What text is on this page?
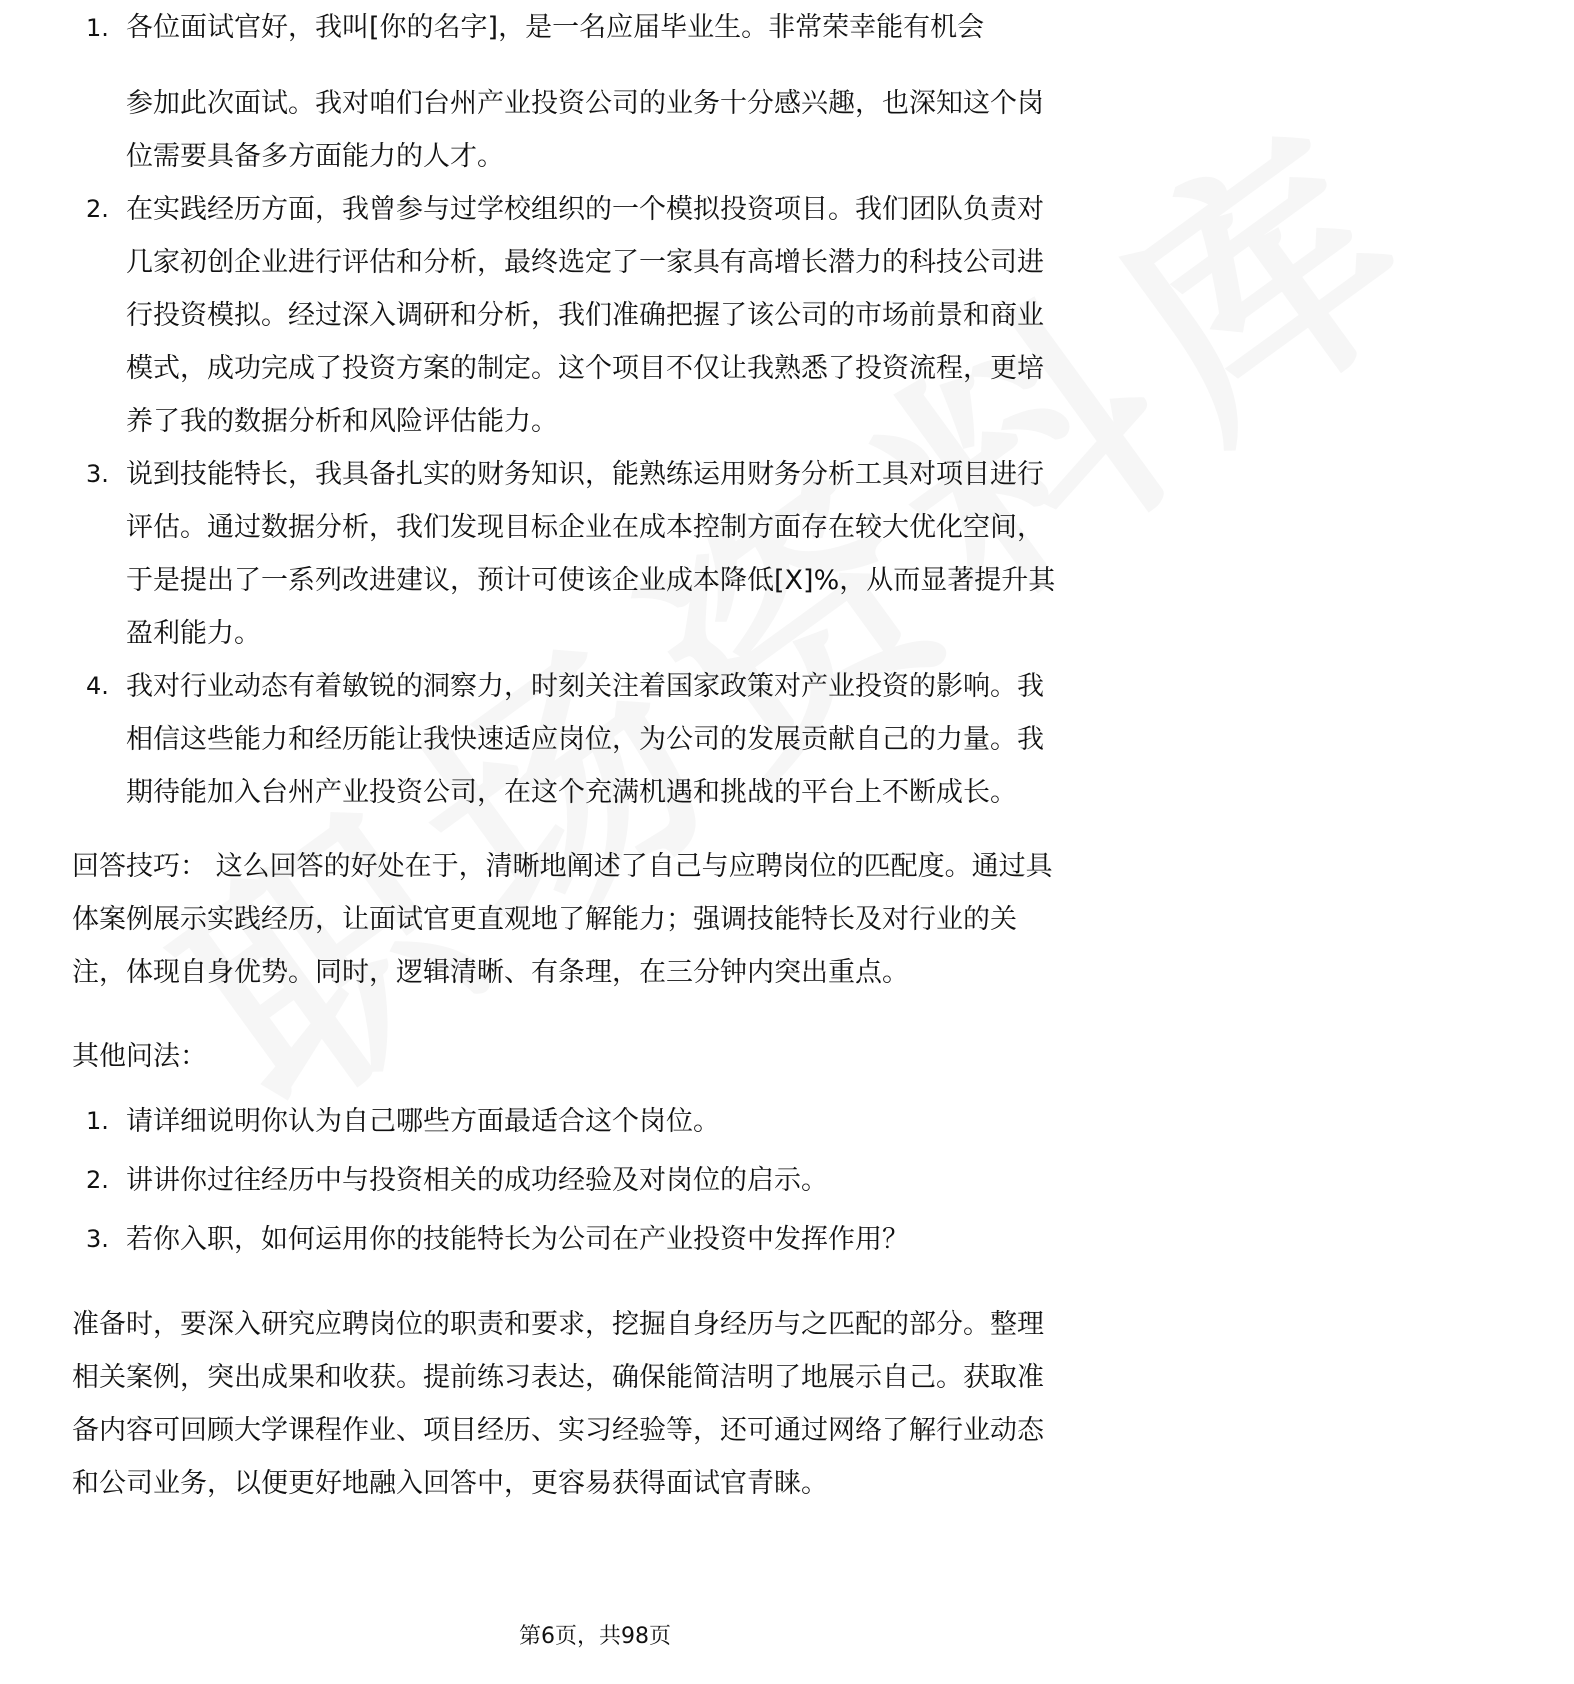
1. 各位面试官好，我叫[你的名字]，是一名应届毕业生。非常荣幸能有机会
参加此次面试。我对咱们台州产业投资公司的业务十分感兴趣，也深知这个岗
位需要具备多方面能力的人才。
2. 在实践经历方面，我曾参与过学校组织的一个模拟投资项目。我们团队负责对
几家初创企业进行评估和分析，最终选定了一家具有高增长潜力的科技公司进
行投资模拟。经过深入调研和分析，我们准确把握了该公司的市场前景和商业
模式，成功完成了投资方案的制定。这个项目不仅让我熟悉了投资流程，更培
养了我的数据分析和风险评估能力。
3. 说到技能特长，我具备扎实的财务知识，能熟练运用财务分析工具对项目进行
评估。通过数据分析，我们发现目标企业在成本控制方面存在较大优化空间，
于是提出了一系列改进建议，预计可使该企业成本降低[X]%，从而显著提升其
盈利能力。
4. 我对行业动态有着敏锐的洞察力，时刻关注着国家政策对产业投资的影响。我
相信这些能力和经历能让我快速适应岗位，为公司的发展贡献自己的力量。我
期待能加入台州产业投资公司，在这个充满机遇和挑战的平台上不断成长。
回答技巧： 这么回答的好处在于，清晰地阐述了自己与应聘岗位的匹配度。通过具
体案例展示实践经历，让面试官更直观地了解能力；强调技能特长及对行业的关
注，体现自身优势。同时，逻辑清晰、有条理，在三分钟内突出重点。
其他问法：
1. 请详细说明你认为自己哪些方面最适合这个岗位。
2. 讲讲你过往经历中与投资相关的成功经验及对岗位的启示。
3. 若你入职，如何运用你的技能特长为公司在产业投资中发挥作用？
准备时，要深入研究应聘岗位的职责和要求，挖掘自身经历与之匹配的部分。整理
相关案例，突出成果和收获。提前练习表达，确保能简洁明了地展示自己。获取准
备内容可回顾大学课程作业、项目经历、实习经验等，还可通过网络了解行业动态
和公司业务，以便更好地融入回答中，更容易获得面试官青睐。
第6页，共98页
